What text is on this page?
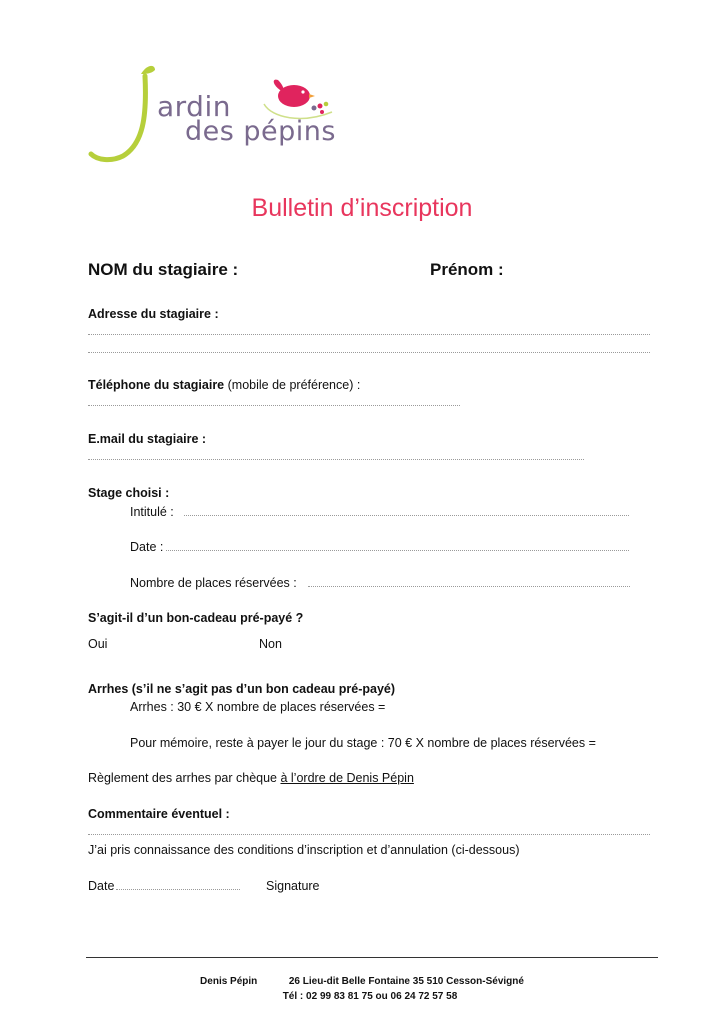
ardin
des pépins
Bulletin d’inscription
NOM du stagiaire :	Prénom :
Adresse du stagiaire :
Téléphone du stagiaire (mobile de préférence) :
E.mail du stagiaire :
Stage choisi :
Intitulé :
Date :
Nombre de places réservées :
S’agit-il d’un bon-cadeau pré-payé ?
Oui	Non
Arrhes (s’il ne s’agit pas d’un bon cadeau pré-payé)
Arrhes : 30 € X nombre de places réservées =
Pour mémoire, reste à payer le jour du stage : 70 € X nombre de places réservées =
Règlement des arrhes par chèque à l’ordre de Denis Pépin
Commentaire éventuel :
J’ai pris connaissance des conditions d’inscription et d’annulation (ci-dessous)
Date	Signature
Denis Pépin	26 Lieu-dit Belle Fontaine 35 510 Cesson-Sévigné
Tél : 02 99 83 81 75 ou 06 24 72 57 58
